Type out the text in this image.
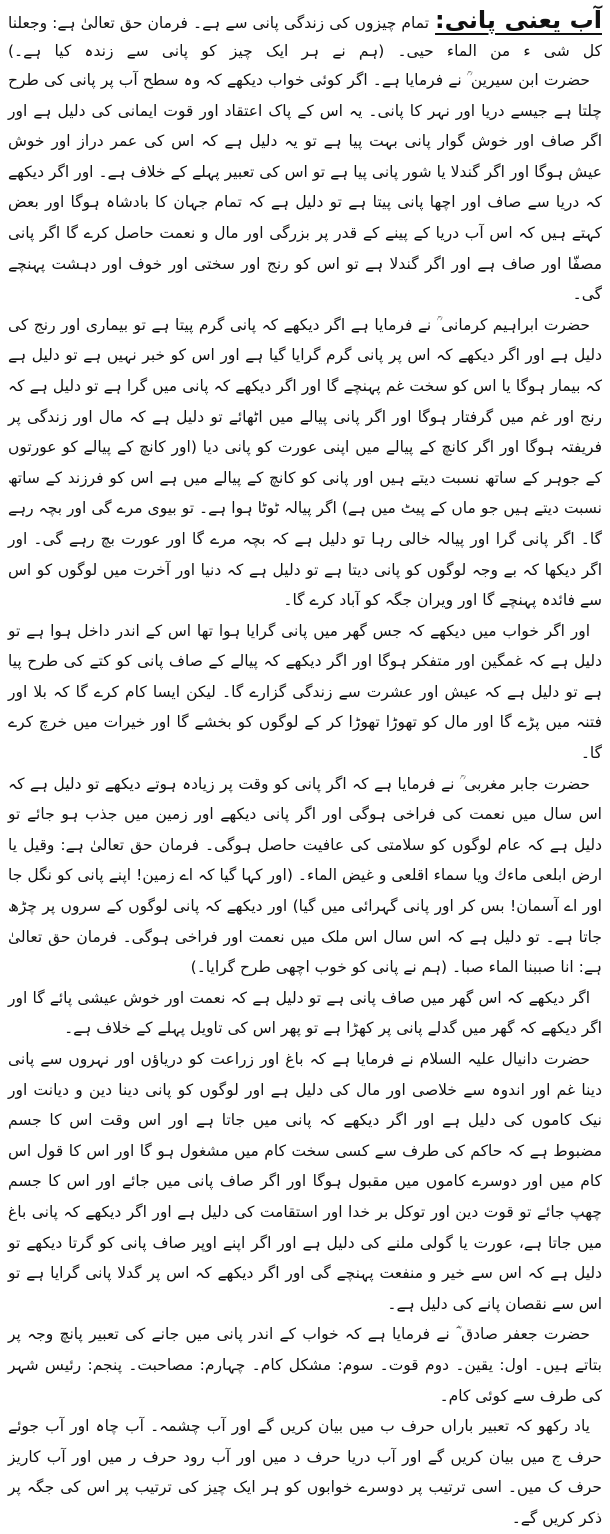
آب یعنی پانی:تمام چیزوں کی زندگی پانی سے ہے۔ فرمان حق تعالیٰ ہے: وجعلنا کل شی ء من الماء حیی۔ (ہم نے ہر ایک چیز کو پانی سے زندہ کیا ہے۔)

حضرت ابن سیرین ؒ نے فرمایا ہے۔ اگر کوئی خواب دیکھے کہ وہ سطح آب پر پانی کی طرح چلتا ہے جیسے دریا اور نہر کا پانی۔ یہ اس کے پاک اعتقاد اور قوت ایمانی کی دلیل ہے اور اگر صاف اور خوش گوار پانی بہت پیا ہے تو یہ دلیل ہے کہ اس کی عمر دراز اور خوش عیش ہوگا اور اگر گندلا یا شور پانی پیا ہے تو اس کی تعبیر پہلے کے خلاف ہے۔ اور اگر دیکھے کہ دریا سے صاف اور اچھا پانی پیتا ہے تو دلیل ہے کہ تمام جہان کا بادشاہ ہوگا اور بعض کہتے ہیں کہ اس آب دریا کے پینے کے قدر پر بزرگی اور مال و نعمت حاصل کرے گا اگر پانی مصفّا اور صاف ہے اور اگر گندلا ہے تو اس کو رنج اور سختی اور خوف اور دہشت پہنچے گی۔

حضرت ابراہیم کرمانی ؒ نے فرمایا ہے اگر دیکھے کہ پانی گرم پیتا ہے تو بیماری اور رنج کی دلیل ہے اور اگر دیکھے کہ اس پر پانی گرم گرایا گیا ہے اور اس کو خبر نہیں ہے تو دلیل ہے کہ بیمار ہوگا یا اس کو سخت غم پہنچے گا اور اگر دیکھے کہ پانی میں گرا ہے تو دلیل ہے کہ رنج اور غم میں گرفتار ہوگا اور اگر پانی پیالے میں اٹھائے تو دلیل ہے کہ مال اور زندگی پر فریفتہ ہوگا اور اگر کانچ کے پیالے میں اپنی عورت کو پانی دیا (اور کانچ کے پیالے کو عورتوں کے جوہر کے ساتھ نسبت دیتے ہیں اور پانی کو کانچ کے پیالے میں ہے اس کو فرزند کے ساتھ نسبت دیتے ہیں جو ماں کے پیٹ میں ہے) اگر پیالہ ٹوٹا ہوا ہے۔ تو بیوی مرے گی اور بچہ رہے گا۔ اگر پانی گرا اور پیالہ خالی رہا تو دلیل ہے کہ بچہ مرے گا اور عورت بچ رہے گی۔ اور اگر دیکھا کہ بے وجہ لوگوں کو پانی دیتا ہے تو دلیل ہے کہ دنیا اور آخرت میں لوگوں کو اس سے فائدہ پہنچے گا اور ویران جگہ کو آباد کرے گا۔

اور اگر خواب میں دیکھے کہ جس گھر میں پانی گرایا ہوا تھا اس کے اندر داخل ہوا ہے تو دلیل ہے کہ غمگین اور متفکر ہوگا اور اگر دیکھے کہ پیالے کے صاف پانی کو کتے کی طرح پیا ہے تو دلیل ہے کہ عیش اور عشرت سے زندگی گزارے گا۔ لیکن ایسا کام کرے گا کہ بلا اور فتنہ میں پڑے گا اور مال کو تھوڑا تھوڑا کر کے لوگوں کو بخشے گا اور خیرات میں خرچ کرے گا۔

حضرت جابر مغربی ؒ نے فرمایا ہے کہ اگر پانی کو وقت پر زیادہ ہوتے دیکھے تو دلیل ہے کہ اس سال میں نعمت کی فراخی ہوگی اور اگر پانی دیکھے اور زمین میں جذب ہو جائے تو دلیل ہے کہ عام لوگوں کو سلامتی کی عافیت حاصل ہوگی۔ فرمان حق تعالیٰ ہے: وقیل یا ارض ابلعی ماءك ویا سماء اقلعی و غیض الماء۔ (اور کہا گیا کہ اے زمین! اپنے پانی کو نگل جا اور اے آسمان! بس کر اور پانی گہرائی میں گیا) اور دیکھے کہ پانی لوگوں کے سروں پر چڑھ جاتا ہے۔ تو دلیل ہے کہ اس سال اس ملک میں نعمت اور فراخی ہوگی۔ فرمان حق تعالیٰ ہے: انا صببنا الماء صبا۔ (ہم نے پانی کو خوب اچھی طرح گرایا۔)

اگر دیکھے کہ اس گھر میں صاف پانی ہے تو دلیل ہے کہ نعمت اور خوش عیشی پائے گا اور اگر دیکھے کہ گھر میں گدلے پانی پر کھڑا ہے تو پھر اس کی تاویل پہلے کے خلاف ہے۔

حضرت دانیال علیہ السلام نے فرمایا ہے کہ باغ اور زراعت کو دریاؤں اور نہروں سے پانی دینا غم اور اندوہ سے خلاصی اور مال کی دلیل ہے اور لوگوں کو پانی دینا دین و دیانت اور نیک کاموں کی دلیل ہے اور اگر دیکھے کہ پانی میں جاتا ہے اور اس وقت اس کا جسم مضبوط ہے کہ حاکم کی طرف سے کسی سخت کام میں مشغول ہو گا اور اس کا قول اس کام میں اور دوسرے کاموں میں مقبول ہوگا اور اگر صاف پانی میں جائے اور اس کا جسم چھپ جائے تو قوت دین اور توکل بر خدا اور استقامت کی دلیل ہے اور اگر دیکھے کہ پانی باغ میں جاتا ہے، عورت یا گولی ملنے کی دلیل ہے اور اگر اپنے اوپر صاف پانی کو گرتا دیکھے تو دلیل ہے کہ اس سے خیر و منفعت پہنچے گی اور اگر دیکھے کہ اس پر گدلا پانی گرایا ہے تو اس سے نقصان پانے کی دلیل ہے۔

حضرت جعفر صادق ؓ نے فرمایا ہے کہ خواب کے اندر پانی میں جانے کی تعبیر پانچ وجہ پر بتاتے ہیں۔ اول: یقین۔ دوم قوت۔ سوم: مشکل کام۔ چہارم: مصاحبت۔ پنجم: رئیس شہر کی طرف سے کوئی کام۔

یاد رکھو کہ تعبیر باراں حرف ب میں بیان کریں گے اور آب چشمہ۔ آب چاہ اور آب جوئے حرف ج میں بیان کریں گے اور آب دریا حرف د میں اور آب رود حرف ر میں اور آب کاریز حرف ک میں۔ اسی ترتیب پر دوسرے خوابوں کو ہر ایک چیز کی ترتیب پر اس کی جگہ پر ذکر کریں گے۔
